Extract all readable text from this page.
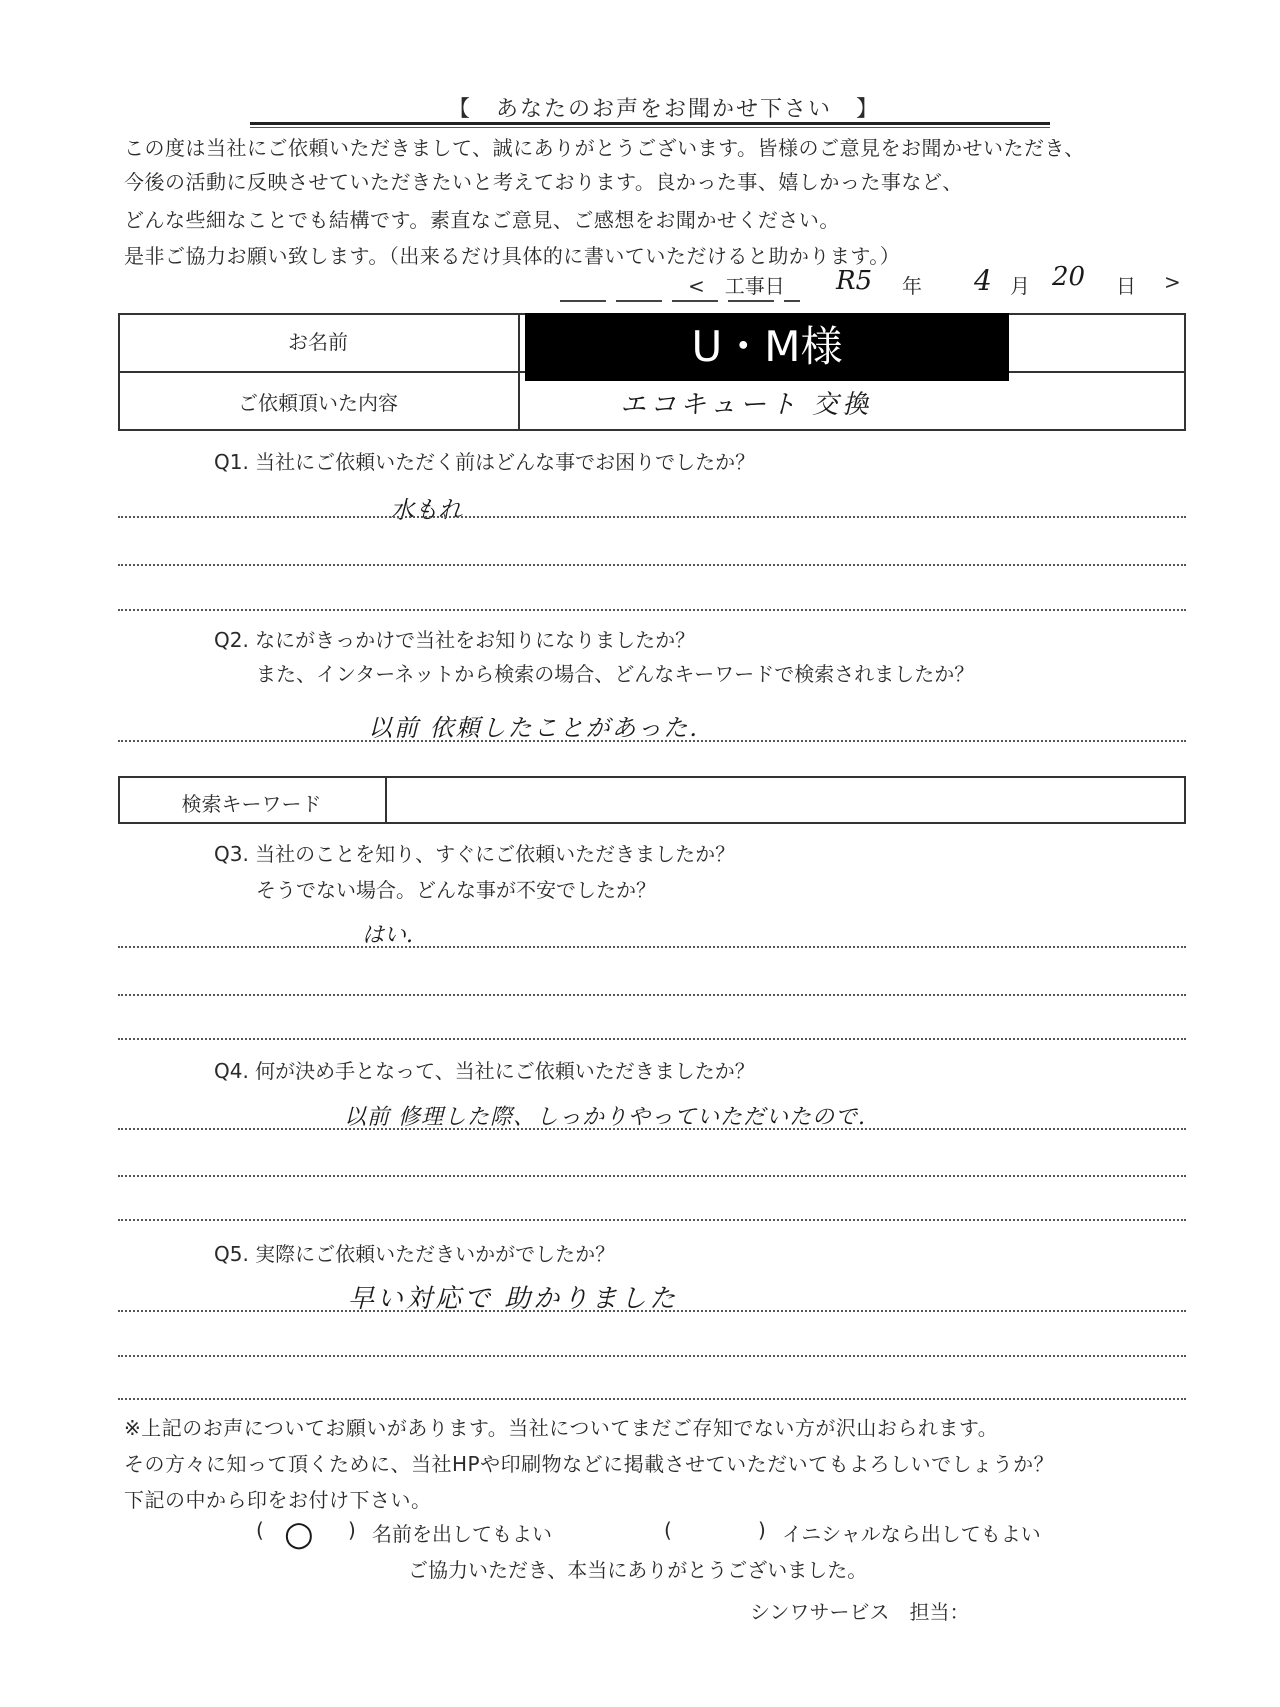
【　あなたのお声をお聞かせ下さい　】
この度は当社にご依頼いただきまして、誠にありがとうございます。皆様のご意見をお聞かせいただき、
今後の活動に反映させていただきたいと考えております。良かった事、嬉しかった事など、
どんな些細なことでも結構です。素直なご意見、ご感想をお聞かせください。
是非ご協力お願い致します。（出来るだけ具体的に書いていただけると助かります。）
<　工事日 R5 年 4 月 20 日 >
お名前
ご依頼頂いた内容
U・M様
エコキュート 交換
Q1. 当社にご依頼いただく前はどんな事でお困りでしたか？
水もれ
Q2. なにがきっかけで当社をお知りになりましたか？
また、インターネットから検索の場合、どんなキーワードで検索されましたか？
以前 依頼したことがあった.
検索キーワード
Q3. 当社のことを知り、すぐにご依頼いただきましたか？
そうでない場合。どんな事が不安でしたか？
はい.
Q4. 何が決め手となって、当社にご依頼いただきましたか？
以前 修理した際、しっかりやっていただいたので.
Q5. 実際にご依頼いただきいかがでしたか？
早い対応で 助かりました
※上記のお声についてお願いがあります。当社についてまだご存知でない方が沢山おられます。
その方々に知って頂くために、当社HPや印刷物などに掲載させていただいてもよろしいでしょうか？
下記の中から印をお付け下さい。
( ○ ) 名前を出してもよい	(	) イニシャルなら出してもよい
ご協力いただき、本当にありがとうございました。
シンワサービス　担当：
